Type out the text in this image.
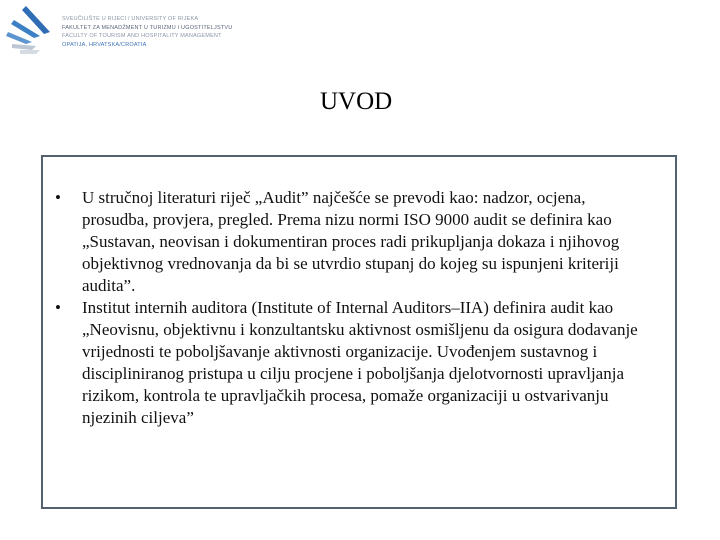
SVEUČILIŠTE U RIJECI / UNIVERSITY OF RIJEKA
FAKULTET ZA MENADŽMENT U TURIZMU I UGOSTITELJSTVU
FACULTY OF TOURISM AND HOSPITALITY MANAGEMENT
OPATIJA, HRVATSKA/CROATIA
UVOD
• U stručnoj literaturi riječ „Audit” najčešće se prevodi kao: nadzor, ocjena,
prosudba, provjera, pregled. Prema nizu normi ISO 9000 audit se definira kao
„Sustavan, neovisan i dokumentiran proces radi prikupljanja dokaza i njihovog
objektivnog vrednovanja da bi se utvrdio stupanj do kojeg su ispunjeni kriteriji
audita”.
• Institut internih auditora (Institute of Internal Auditors–IIA) definira audit kao
„Neovisnu, objektivnu i konzultantsku aktivnost osmišljenu da osigura dodavanje
vrijednosti te poboljšavanje aktivnosti organizacije. Uvođenjem sustavnog i
discipliniranog pristupa u cilju procjene i poboljšanja djelotvornosti upravljanja
rizikom, kontrola te upravljačkih procesa, pomaže organizaciji u ostvarivanju
njezinih ciljeva”
